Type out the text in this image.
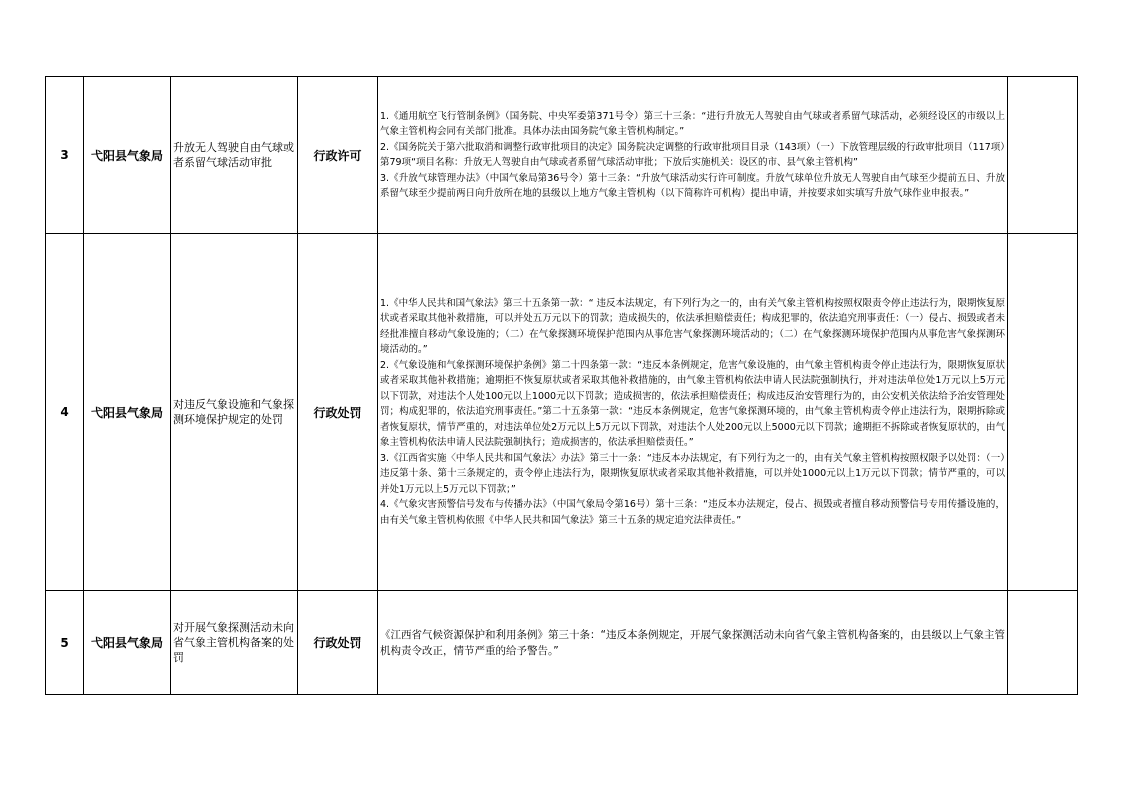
3	弋阳县气象局	升放无人驾驶自由气球或者系留气球活动审批	行政许可	1.《通用航空飞行管制条例》（国务院、中央军委第371号令）第三十三条：“进行升放无人驾驶自由气球或者系留气球活动，必须经设区的市级以上气象主管机构会同有关部门批准。具体办法由国务院气象主管机构制定。”
2.《国务院关于第六批取消和调整行政审批项目的决定》国务院决定调整的行政审批项目目录（143项）（一）下放管理层级的行政审批项目（117项）第79项“项目名称：升放无人驾驶自由气球或者系留气球活动审批；下放后实施机关：设区的市、县气象主管机构”
3.《升放气球管理办法》（中国气象局第36号令）第十三条：“升放气球活动实行许可制度。升放气球单位升放无人驾驶自由气球至少提前五日、升放系留气球至少提前两日向升放所在地的县级以上地方气象主管机构（以下简称许可机构）提出申请，并按要求如实填写升放气球作业申报表。”	

4	弋阳县气象局	对违反气象设施和气象探测环境保护规定的处罚	行政处罚	1.《中华人民共和国气象法》第三十五条第一款：“ 违反本法规定，有下列行为之一的，由有关气象主管机构按照权限责令停止违法行为，限期恢复原状或者采取其他补救措施，可以并处五万元以下的罚款；造成损失的，依法承担赔偿责任；构成犯罪的，依法追究刑事责任：（一）侵占、损毁或者未经批准擅自移动气象设施的；（二）在气象探测环境保护范围内从事危害气象探测环境活动的；（二）在气象探测环境保护范围内从事危害气象探测环境活动的。”
2.《气象设施和气象探测环境保护条例》第二十四条第一款：“违反本条例规定，危害气象设施的，由气象主管机构责令停止违法行为，限期恢复原状或者采取其他补救措施；逾期拒不恢复原状或者采取其他补救措施的，由气象主管机构依法申请人民法院强制执行，并对违法单位处1万元以上5万元以下罚款，对违法个人处100元以上1000元以下罚款；造成损害的，依法承担赔偿责任；构成违反治安管理行为的，由公安机关依法给予治安管理处罚；构成犯罪的，依法追究刑事责任。”第二十五条第一款：“违反本条例规定，危害气象探测环境的，由气象主管机构责令停止违法行为，限期拆除或者恢复原状，情节严重的，对违法单位处2万元以上5万元以下罚款，对违法个人处200元以上5000元以下罚款；逾期拒不拆除或者恢复原状的，由气象主管机构依法申请人民法院强制执行；造成损害的，依法承担赔偿责任。”
3.《江西省实施〈中华人民共和国气象法〉办法》第三十一条：“违反本办法规定，有下列行为之一的，由有关气象主管机构按照权限予以处罚：（一）违反第十条、第十三条规定的，责令停止违法行为，限期恢复原状或者采取其他补救措施，可以并处1000元以上1万元以下罚款；情节严重的，可以并处1万元以上5万元以下罚款；”
4.《气象灾害预警信号发布与传播办法》（中国气象局令第16号）第十三条：“违反本办法规定，侵占、损毁或者擅自移动预警信号专用传播设施的，由有关气象主管机构依照《中华人民共和国气象法》第三十五条的规定追究法律责任。”	

5	弋阳县气象局	对开展气象探测活动未向省气象主管机构备案的处罚	行政处罚	《江西省气候资源保护和利用条例》第三十条：“违反本条例规定，开展气象探测活动未向省气象主管机构备案的，由县级以上气象主管机构责令改正，情节严重的给予警告。”	
